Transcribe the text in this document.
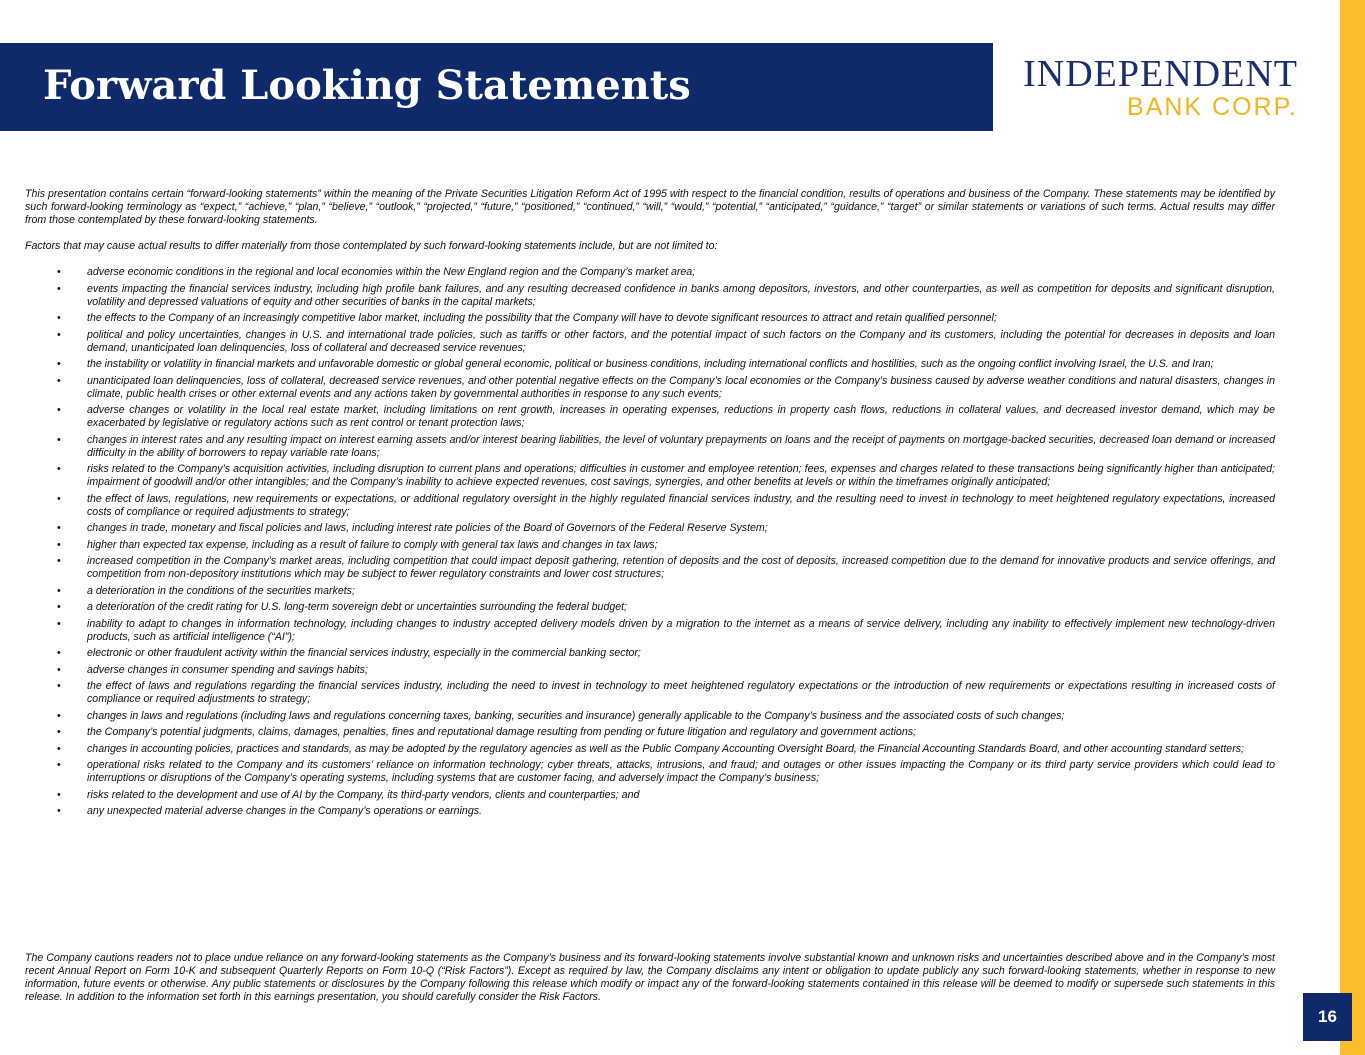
Forward Looking Statements	INDEPENDENT
BANK CORP.

This presentation contains certain “forward-looking statements” within the meaning of the Private Securities Litigation Reform Act of 1995 with respect to the financial condition, results of operations and business of the Company. These statements may be identified by such forward-looking terminology as “expect,” “achieve,” “plan,” “believe,” “outlook,” “projected,” “future,” “positioned,” “continued,” “will,” “would,” “potential,” “anticipated,” “guidance,” “target” or similar statements or variations of such terms. Actual results may differ from those contemplated by these forward-looking statements.

Factors that may cause actual results to differ materially from those contemplated by such forward-looking statements include, but are not limited to:

• adverse economic conditions in the regional and local economies within the New England region and the Company’s market area;
• events impacting the financial services industry, including high profile bank failures, and any resulting decreased confidence in banks among depositors, investors, and other counterparties, as well as competition for deposits and significant disruption, volatility and depressed valuations of equity and other securities of banks in the capital markets;
• the effects to the Company of an increasingly competitive labor market, including the possibility that the Company will have to devote significant resources to attract and retain qualified personnel;
• political and policy uncertainties, changes in U.S. and international trade policies, such as tariffs or other factors, and the potential impact of such factors on the Company and its customers, including the potential for decreases in deposits and loan demand, unanticipated loan delinquencies, loss of collateral and decreased service revenues;
• the instability or volatility in financial markets and unfavorable domestic or global general economic, political or business conditions, including international conflicts and hostilities, such as the ongoing conflict involving Israel, the U.S. and Iran;
• unanticipated loan delinquencies, loss of collateral, decreased service revenues, and other potential negative effects on the Company’s local economies or the Company’s business caused by adverse weather conditions and natural disasters, changes in climate, public health crises or other external events and any actions taken by governmental authorities in response to any such events;
• adverse changes or volatility in the local real estate market, including limitations on rent growth, increases in operating expenses, reductions in property cash flows, reductions in collateral values, and decreased investor demand, which may be exacerbated by legislative or regulatory actions such as rent control or tenant protection laws;
• changes in interest rates and any resulting impact on interest earning assets and/or interest bearing liabilities, the level of voluntary prepayments on loans and the receipt of payments on mortgage-backed securities, decreased loan demand or increased difficulty in the ability of borrowers to repay variable rate loans;
• risks related to the Company’s acquisition activities, including disruption to current plans and operations; difficulties in customer and employee retention; fees, expenses and charges related to these transactions being significantly higher than anticipated; impairment of goodwill and/or other intangibles; and the Company’s inability to achieve expected revenues, cost savings, synergies, and other benefits at levels or within the timeframes originally anticipated;
• the effect of laws, regulations, new requirements or expectations, or additional regulatory oversight in the highly regulated financial services industry, and the resulting need to invest in technology to meet heightened regulatory expectations, increased costs of compliance or required adjustments to strategy;
• changes in trade, monetary and fiscal policies and laws, including interest rate policies of the Board of Governors of the Federal Reserve System;
• higher than expected tax expense, including as a result of failure to comply with general tax laws and changes in tax laws;
• increased competition in the Company’s market areas, including competition that could impact deposit gathering, retention of deposits and the cost of deposits, increased competition due to the demand for innovative products and service offerings, and competition from non-depository institutions which may be subject to fewer regulatory constraints and lower cost structures;
• a deterioration in the conditions of the securities markets;
• a deterioration of the credit rating for U.S. long-term sovereign debt or uncertainties surrounding the federal budget;
• inability to adapt to changes in information technology, including changes to industry accepted delivery models driven by a migration to the internet as a means of service delivery, including any inability to effectively implement new technology-driven products, such as artificial intelligence (“AI”);
• electronic or other fraudulent activity within the financial services industry, especially in the commercial banking sector;
• adverse changes in consumer spending and savings habits;
• the effect of laws and regulations regarding the financial services industry, including the need to invest in technology to meet heightened regulatory expectations or the introduction of new requirements or expectations resulting in increased costs of compliance or required adjustments to strategy;
• changes in laws and regulations (including laws and regulations concerning taxes, banking, securities and insurance) generally applicable to the Company’s business and the associated costs of such changes;
• the Company’s potential judgments, claims, damages, penalties, fines and reputational damage resulting from pending or future litigation and regulatory and government actions;
• changes in accounting policies, practices and standards, as may be adopted by the regulatory agencies as well as the Public Company Accounting Oversight Board, the Financial Accounting Standards Board, and other accounting standard setters;
• operational risks related to the Company and its customers’ reliance on information technology; cyber threats, attacks, intrusions, and fraud; and outages or other issues impacting the Company or its third party service providers which could lead to interruptions or disruptions of the Company’s operating systems, including systems that are customer facing, and adversely impact the Company’s business;
• risks related to the development and use of AI by the Company, its third-party vendors, clients and counterparties; and
• any unexpected material adverse changes in the Company’s operations or earnings.

The Company cautions readers not to place undue reliance on any forward-looking statements as the Company’s business and its forward-looking statements involve substantial known and unknown risks and uncertainties described above and in the Company’s most recent Annual Report on Form 10-K and subsequent Quarterly Reports on Form 10-Q (“Risk Factors”). Except as required by law, the Company disclaims any intent or obligation to update publicly any such forward-looking statements, whether in response to new information, future events or otherwise. Any public statements or disclosures by the Company following this release which modify or impact any of the forward-looking statements contained in this release will be deemed to modify or supersede such statements in this release. In addition to the information set forth in this earnings presentation, you should carefully consider the Risk Factors.

16
